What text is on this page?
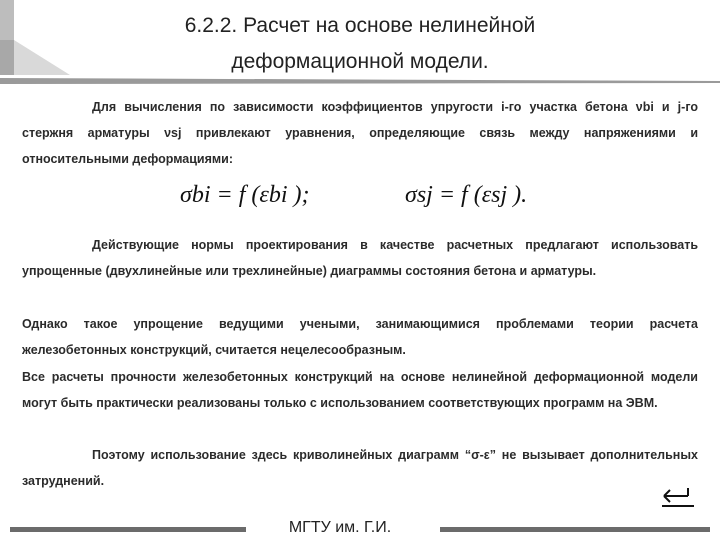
6.2.2. Расчет на основе нелинейной
деформационной модели.
Для вычисления по зависимости коэффициентов упругости i-го участка бетона νbi и j-го стержня арматуры νsj привлекают уравнения, определяющие связь между напряжениями и относительными деформациями:
σbi = f (εbi );	σsj = f (εsj ).
Действующие нормы проектирования в качестве расчетных предлагают использовать упрощенные (двухлинейные или трехлинейные) диаграммы состояния бетона и арматуры.
Однако такое упрощение ведущими учеными, занимающимися проблемами теории расчета железобетонных конструкций, считается нецелесообразным.
Все расчеты прочности железобетонных конструкций на основе нелинейной деформационной модели могут быть практически реализованы только с использованием соответствующих программ на ЭВМ.
Поэтому использование здесь криволинейных диаграмм “σ-ε” не вызывает дополнительных затруднений.
МГТУ им. Г.И.
